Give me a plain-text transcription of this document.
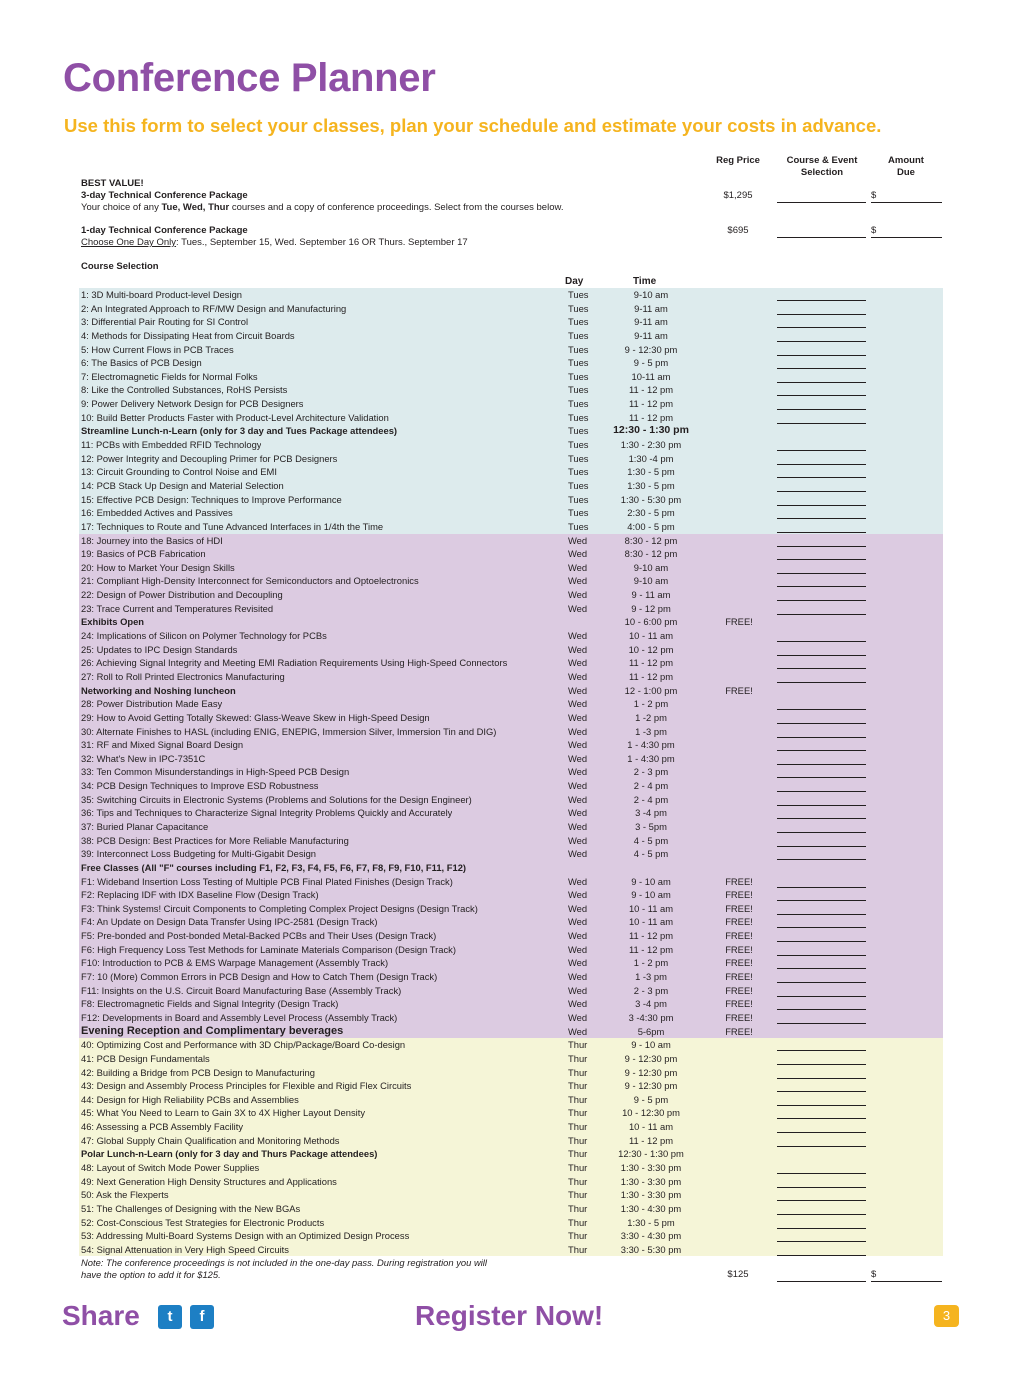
Conference Planner
Use this form to select your classes, plan your schedule and estimate your costs in advance.
Reg Price	Course & Event
Selection
Amount
Due
BEST VALUE!
3-day Technical Conference Package
Your choice of any Tue, Wed, Thur courses and a copy of conference proceedings. Select from the courses below.
$1,295	$
1-day Technical Conference Package
Choose One Day Only: Tues., September 15, Wed. September 16 OR Thurs. September 17
$695	$
Course Selection
Day	Time
1: 3D Multi-board Product-level Design	Tues	9-10 am
2: An Integrated Approach to RF/MW Design and Manufacturing	Tues	9-11 am
3: Differential Pair Routing for SI Control	Tues	9-11 am
4: Methods for Dissipating Heat from Circuit Boards	Tues	9-11 am
5: How Current Flows in PCB Traces	Tues	9 - 12:30 pm
6: The Basics of PCB Design	Tues	9 - 5 pm
7: Electromagnetic Fields for Normal Folks	Tues	10-11 am
8: Like the Controlled Substances, RoHS Persists	Tues	11 - 12 pm
9: Power Delivery Network Design for PCB Designers	Tues	11 - 12 pm
10: Build Better Products Faster with Product-Level Architecture Validation	Tues	11 - 12 pm
Streamline Lunch-n-Learn (only for 3 day and Tues Package attendees)	Tues	12:30 - 1:30 pm
11: PCBs with Embedded RFID Technology	Tues	1:30 - 2:30 pm
12: Power Integrity and Decoupling Primer for PCB Designers	Tues	1:30 -4 pm
13: Circuit Grounding to Control Noise and EMI	Tues	1:30 - 5 pm
14: PCB Stack Up Design and Material Selection	Tues	1:30 - 5 pm
15: Effective PCB Design: Techniques to Improve Performance	Tues	1:30 - 5:30 pm
16: Embedded Actives and Passives	Tues	2:30 - 5 pm
17: Techniques to Route and Tune Advanced Interfaces in 1/4th the Time	Tues	4:00 - 5 pm
18: Journey into the Basics of HDI	Wed	8:30 - 12 pm
19: Basics of PCB Fabrication	Wed	8:30 - 12 pm
20: How to Market Your Design Skills	Wed	9-10 am
21: Compliant High-Density Interconnect for Semiconductors and Optoelectronics	Wed	9-10 am
22: Design of Power Distribution and Decoupling	Wed	9 - 11 am
23: Trace Current and Temperatures Revisited	Wed	9 - 12 pm
Exhibits Open	10 - 6:00 pm	FREE!
24: Implications of Silicon on Polymer Technology for PCBs	Wed	10 - 11 am
25: Updates to IPC Design Standards	Wed	10 - 12 pm
26: Achieving Signal Integrity and Meeting EMI Radiation Requirements Using High-Speed Connectors	Wed	11 - 12 pm
27: Roll to Roll Printed Electronics Manufacturing	Wed	11 - 12 pm
Networking and Noshing luncheon	Wed	12 - 1:00 pm	FREE!
28: Power Distribution Made Easy	Wed	1 - 2 pm
29: How to Avoid Getting Totally Skewed: Glass-Weave Skew in High-Speed Design	Wed	1 -2 pm
30: Alternate Finishes to HASL (including ENIG, ENEPIG, Immersion Silver, Immersion Tin and DIG)	Wed	1 -3 pm
31: RF and Mixed Signal Board Design	Wed	1 - 4:30 pm
32: What's New in IPC-7351C	Wed	1 - 4:30 pm
33: Ten Common Misunderstandings in High-Speed PCB Design	Wed	2 - 3 pm
34: PCB Design Techniques to Improve ESD Robustness	Wed	2 - 4 pm
35: Switching Circuits in Electronic Systems (Problems and Solutions for the Design Engineer)	Wed	2 - 4 pm
36: Tips and Techniques to Characterize Signal Integrity Problems Quickly and Accurately	Wed	3 -4 pm
37: Buried Planar Capacitance	Wed	3 - 5pm
38: PCB Design: Best Practices for More Reliable Manufacturing	Wed	4 - 5 pm
39: Interconnect Loss Budgeting for Multi-Gigabit Design	Wed	4 - 5 pm
Free Classes (All "F" courses including F1, F2, F3, F4, F5, F6, F7, F8, F9, F10, F11, F12)
F1: Wideband Insertion Loss Testing of Multiple PCB Final Plated Finishes (Design Track)	Wed	9 - 10 am	FREE!
F2: Replacing IDF with IDX Baseline Flow (Design Track)	Wed	9 - 10 am	FREE!
F3: Think Systems! Circuit Components to Completing Complex Project Designs (Design Track)	Wed	10 - 11 am	FREE!
F4: An Update on Design Data Transfer Using IPC-2581 (Design Track)	Wed	10 - 11 am	FREE!
F5: Pre-bonded and Post-bonded Metal-Backed PCBs and Their Uses (Design Track)	Wed	11 - 12 pm	FREE!
F6: High Frequency Loss Test Methods for Laminate Materials Comparison (Design Track)	Wed	11 - 12 pm	FREE!
F10: Introduction to PCB & EMS Warpage Management (Assembly Track)	Wed	1 - 2 pm	FREE!
F7: 10 (More) Common Errors in PCB Design and How to Catch Them (Design Track)	Wed	1 -3 pm	FREE!
F11: Insights on the U.S. Circuit Board Manufacturing Base (Assembly Track)	Wed	2 - 3 pm	FREE!
F8: Electromagnetic Fields and Signal Integrity (Design Track)	Wed	3 -4 pm	FREE!
F12: Developments in Board and Assembly Level Process (Assembly Track)	Wed	3 -4:30 pm	FREE!
Evening Reception and Complimentary beverages	Wed	5-6pm	FREE!
40: Optimizing Cost and Performance with 3D Chip/Package/Board Co-design	Thur	9 - 10 am
41: PCB Design Fundamentals	Thur	9 - 12:30 pm
42: Building a Bridge from PCB Design to Manufacturing	Thur	9 - 12:30 pm
43: Design and Assembly Process Principles for Flexible and Rigid Flex Circuits	Thur	9 - 12:30 pm
44: Design for High Reliability PCBs and Assemblies	Thur	9 - 5 pm
45: What You Need to Learn to Gain 3X to 4X Higher Layout Density	Thur	10 - 12:30 pm
46: Assessing a PCB Assembly Facility	Thur	10 - 11 am
47: Global Supply Chain Qualification and Monitoring Methods	Thur	11 - 12 pm
Polar Lunch-n-Learn (only for 3 day and Thurs Package attendees)	Thur	12:30 - 1:30 pm
48: Layout of Switch Mode Power Supplies	Thur	1:30 - 3:30 pm
49: Next Generation High Density Structures and Applications	Thur	1:30 - 3:30 pm
50: Ask the Flexperts	Thur	1:30 - 3:30 pm
51: The Challenges of Designing with the New BGAs	Thur	1:30 - 4:30 pm
52: Cost-Conscious Test Strategies for Electronic Products	Thur	1:30 - 5 pm
53: Addressing Multi-Board Systems Design with an Optimized Design Process	Thur	3:30 - 4:30 pm
54: Signal Attenuation in Very High Speed Circuits	Thur	3:30 - 5:30 pm
Note: The conference proceedings is not included in the one-day pass. During registration you will
have the option to add it for $125.	$125	$
Share	t	f	Register Now!	3
